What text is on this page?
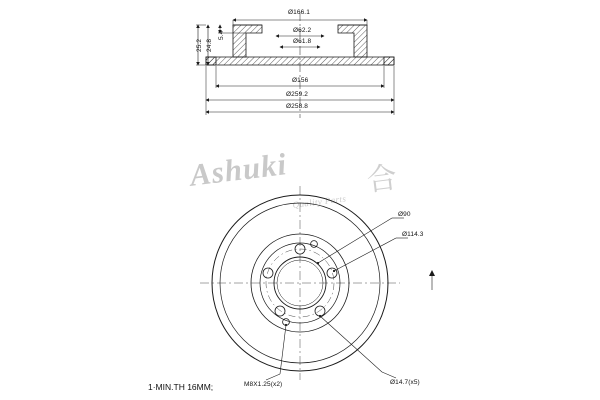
Ashuki	合
Quality Parts
Ø166.1
Ø62.2
Ø61.8
Ø156
Ø259.2
Ø258.8
25.2 24.8
5.4
Ø90
Ø114.3
M8X1.25(x2)	Ø14.7(x5)
1·MIN.TH 16MM;
